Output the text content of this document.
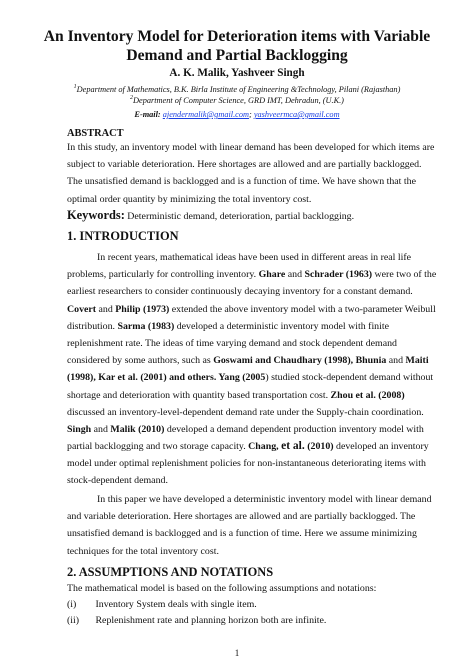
An Inventory Model for Deterioration items with Variable
Demand and Partial Backlogging
A. K. Malik, Yashveer Singh
$^1$Department of Mathematics, B.K. Birla Institute of Engineering &Technology, Pilani (Rajasthan)
$^2$Department of Computer Science, GRD IMT, Dehradun, (U.K.)
E-mail: ajendermalik@gmail.com; yashveermca@gmail.com
ABSTRACT
In this study, an inventory model with linear demand has been developed for which items are
subject to variable deterioration. Here shortages are allowed and are partially backlogged.
The unsatisfied demand is backlogged and is a function of time. We have shown that the
optimal order quantity by minimizing the total inventory cost.
Keywords: Deterministic demand, deterioration, partial backlogging.
1. INTRODUCTION
In recent years, mathematical ideas have been used in different areas in real life
problems, particularly for controlling inventory. Ghare and Schrader (1963) were two of the
earliest researchers to consider continuously decaying inventory for a constant demand.
Covert and Philip (1973) extended the above inventory model with a two-parameter Weibull
distribution. Sarma (1983) developed a deterministic inventory model with finite
replenishment rate. The ideas of time varying demand and stock dependent demand
considered by some authors, such as Goswami and Chaudhary (1998), Bhunia and Maiti
(1998), Kar et al. (2001) and others. Yang (2005) studied stock-dependent demand without
shortage and deterioration with quantity based transportation cost. Zhou et al. (2008)
discussed an inventory-level-dependent demand rate under the Supply-chain coordination.
Singh and Malik (2010) developed a demand dependent production inventory model with
partial backlogging and two storage capacity. Chang, et al. (2010) developed an inventory
model under optimal replenishment policies for non-instantaneous deteriorating items with
stock-dependent demand.
In this paper we have developed a deterministic inventory model with linear demand
and variable deterioration. Here shortages are allowed and are partially backlogged. The
unsatisfied demand is backlogged and is a function of time. Here we assume minimizing
techniques for the total inventory cost.
2. ASSUMPTIONS AND NOTATIONS
The mathematical model is based on the following assumptions and notations:
(i) Inventory System deals with single item.
(ii) Replenishment rate and planning horizon both are infinite.
1
